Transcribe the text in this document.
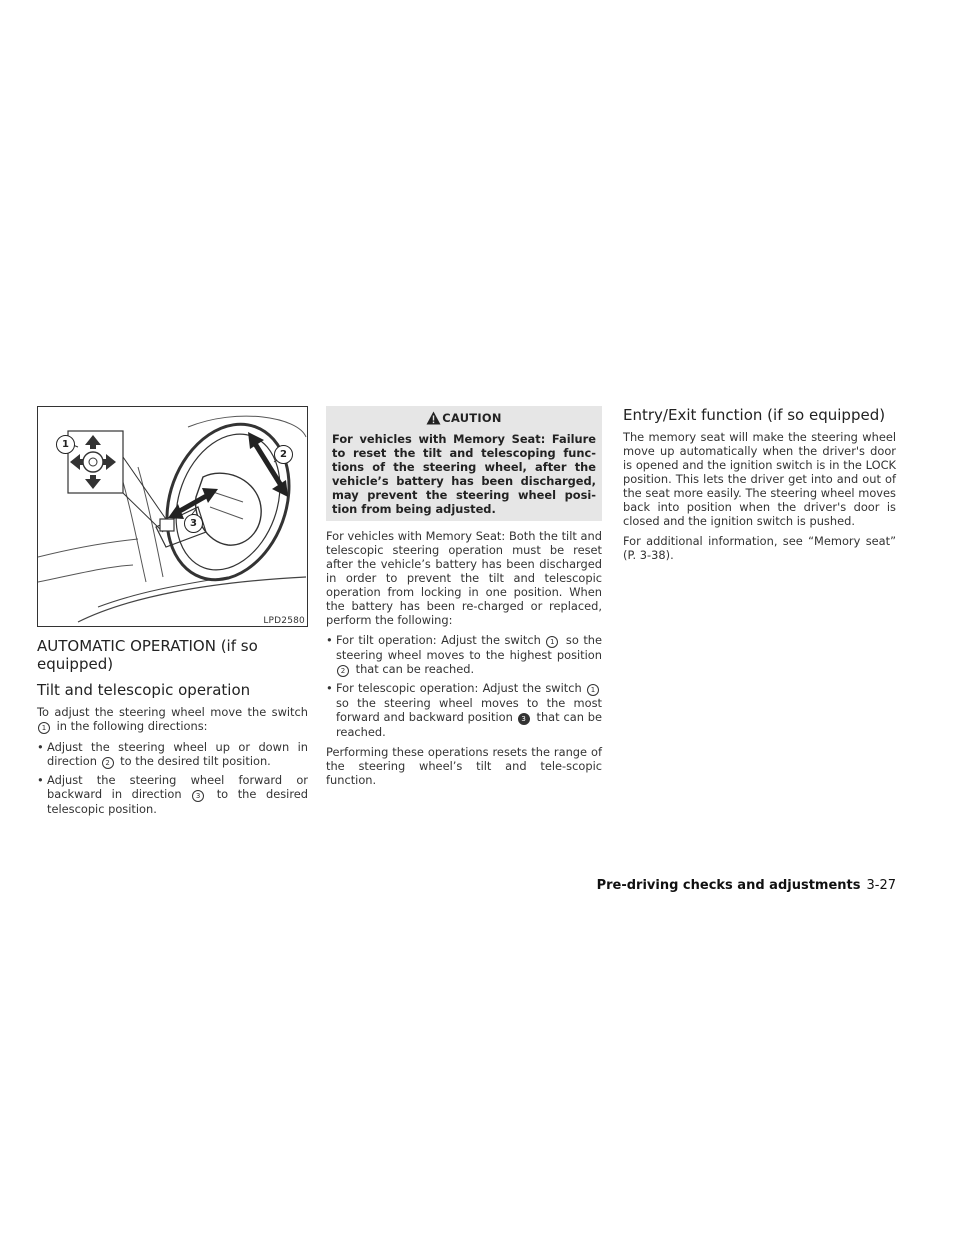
1
2
3
LPD2580
AUTOMATIC OPERATION (if so equipped)
Tilt and telescopic operation

To adjust the steering wheel move the switch 1 in the following directions:

• Adjust the steering wheel up or down in direction 2 to the desired tilt position.
• Adjust the steering wheel forward or backward in direction 3 to the desired telescopic position.
CAUTION
For vehicles with Memory Seat: Failure to reset the tilt and telescoping func-tions of the steering wheel, after the vehicle’s battery has been discharged, may prevent the steering wheel posi-tion from being adjusted.

For vehicles with Memory Seat: Both the tilt and telescopic steering operation must be reset after the vehicle’s battery has been discharged in order to prevent the tilt and telescopic operation from locking in one position. When the battery has been re-charged or replaced, perform the following:

• For tilt operation: Adjust the switch 1 so the steering wheel moves to the highest position 2 that can be reached.
• For telescopic operation: Adjust the switch 1 so the steering wheel moves to the most forward and backward position 3 that can be reached.

Performing these operations resets the range of the steering wheel’s tilt and tele-scopic function.

Entry/Exit function (if so equipped)

The memory seat will make the steering wheel move up automatically when the driver's door is opened and the ignition switch is in the LOCK position. This lets the driver get into and out of the seat more easily. The steering wheel moves back into position when the driver's door is closed and the ignition switch is pushed.

For additional information, see “Memory seat” (P. 3-38).

Pre-driving checks and adjustments 3-27
